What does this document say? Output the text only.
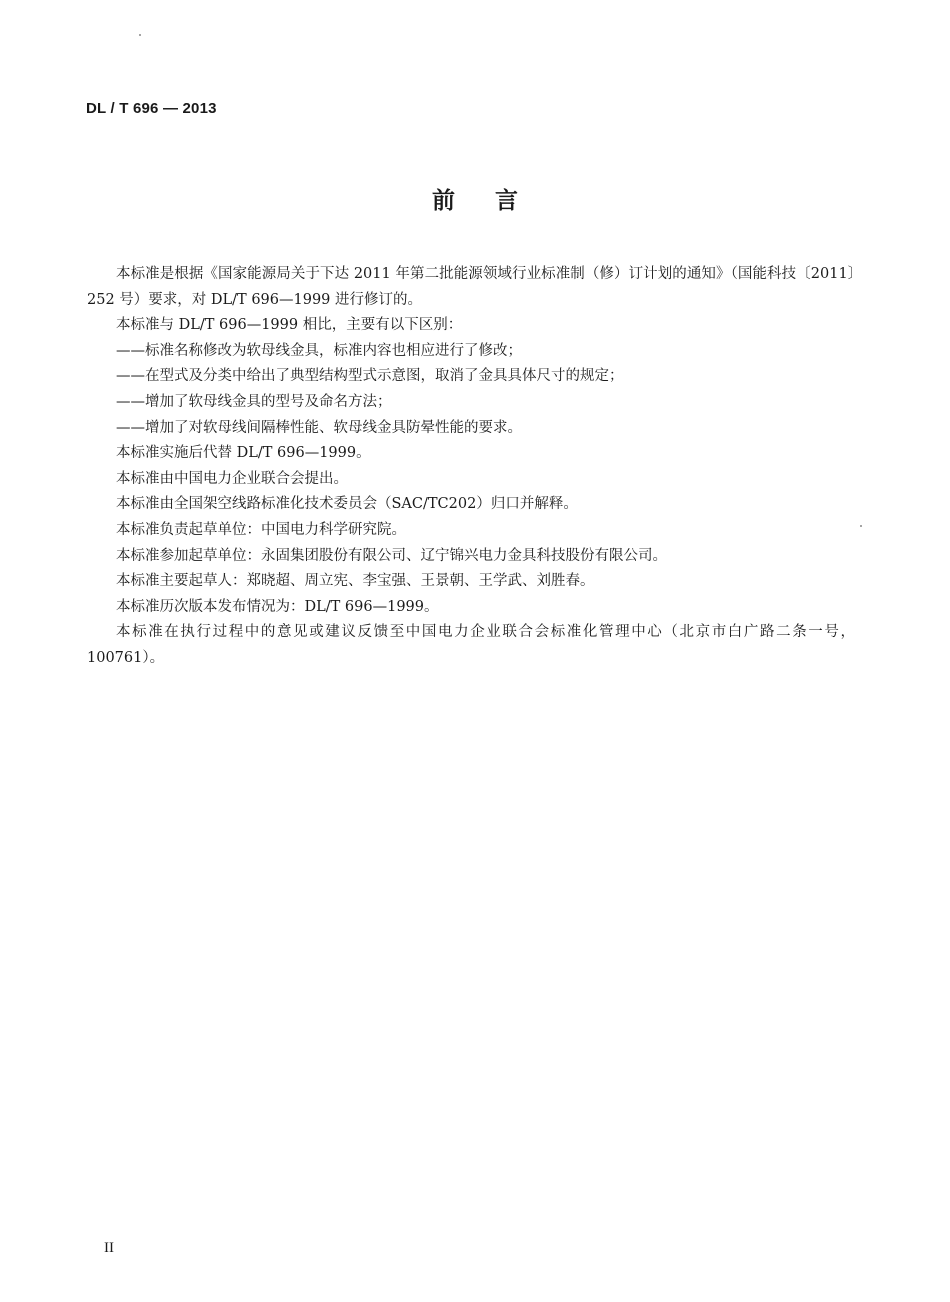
DL / T 696 — 2013
前言

本标准是根据《国家能源局关于下达 2011 年第二批能源领域行业标准制（修）订计划的通知》（国能科技〔2011〕252 号）要求，对 DL/T 696—1999 进行修订的。

本标准与 DL/T 696—1999 相比，主要有以下区别：

——标准名称修改为软母线金具，标准内容也相应进行了修改；

——在型式及分类中给出了典型结构型式示意图，取消了金具具体尺寸的规定；

——增加了软母线金具的型号及命名方法；

——增加了对软母线间隔棒性能、软母线金具防晕性能的要求。

本标准实施后代替 DL/T 696—1999。

本标准由中国电力企业联合会提出。

本标准由全国架空线路标准化技术委员会（SAC/TC202）归口并解释。

本标准负责起草单位：中国电力科学研究院。

本标准参加起草单位：永固集团股份有限公司、辽宁锦兴电力金具科技股份有限公司。

本标准主要起草人：郑晓超、周立宪、李宝强、王景朝、王学武、刘胜春。

本标准历次版本发布情况为：DL/T 696—1999。

本标准在执行过程中的意见或建议反馈至中国电力企业联合会标准化管理中心（北京市白广路二条一号，100761）。

II
